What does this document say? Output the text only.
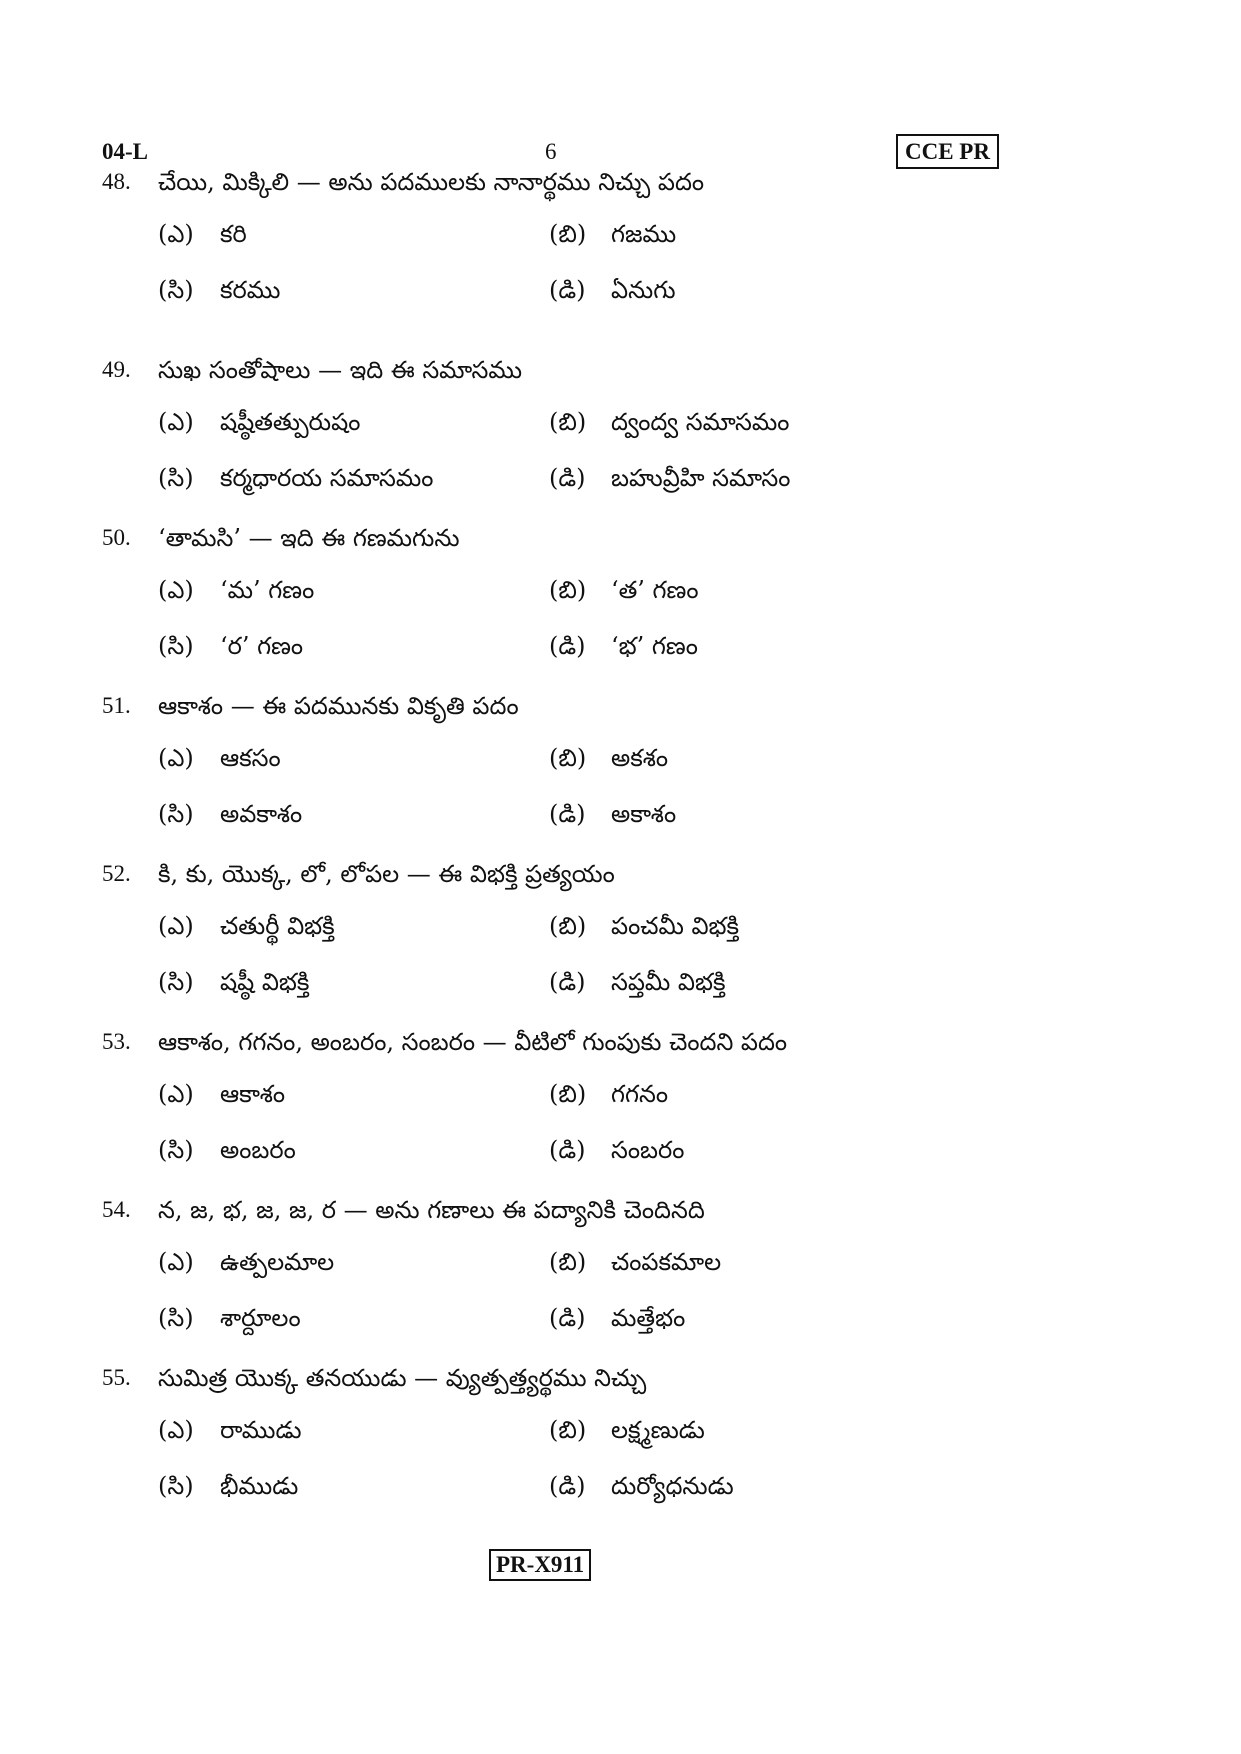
04-L	6	CCE PR
48. చేయి, మిక్కిలి — అను పదములకు నానార్థము నిచ్చు పదం
(ఎ) కరి	(బి) గజము
(సి) కరము	(డి) ఏనుగు
49. సుఖ సంతోషాలు — ఇది ఈ సమాసము
(ఎ) షష్ఠీతత్పురుషం	(బి) ద్వంద్వ సమాసమం
(సి) కర్మధారయ సమాసమం	(డి) బహువ్రీహి సమాసం
50. ‘తామసి’ — ఇది ఈ గణమగును
(ఎ) ‘మ’ గణం	(బి) ‘త’ గణం
(సి) ‘ర’ గణం	(డి) ‘భ’ గణం
51. ఆకాశం — ఈ పదమునకు వికృతి పదం
(ఎ) ఆకసం	(బి) అకశం
(సి) అవకాశం	(డి) అకాశం
52. కి, కు, యొక్క, లో, లోపల — ఈ విభక్తి ప్రత్యయం
(ఎ) చతుర్థీ విభక్తి	(బి) పంచమీ విభక్తి
(సి) షష్ఠీ విభక్తి	(డి) సప్తమీ విభక్తి
53. ఆకాశం, గగనం, అంబరం, సంబరం — వీటిలో గుంపుకు చెందని పదం
(ఎ) ఆకాశం	(బి) గగనం
(సి) అంబరం	(డి) సంబరం
54. న, జ, భ, జ, జ, ర — అను గణాలు ఈ పద్యానికి చెందినది
(ఎ) ఉత్పలమాల	(బి) చంపకమాల
(సి) శార్దూలం	(డి) మత్తేభం
55. సుమిత్ర యొక్క తనయుడు — వ్యుత్పత్త్యర్థము నిచ్చు
(ఎ) రాముడు	(బి) లక్ష్మణుడు
(సి) భీముడు	(డి) దుర్యోధనుడు
PR-X911
